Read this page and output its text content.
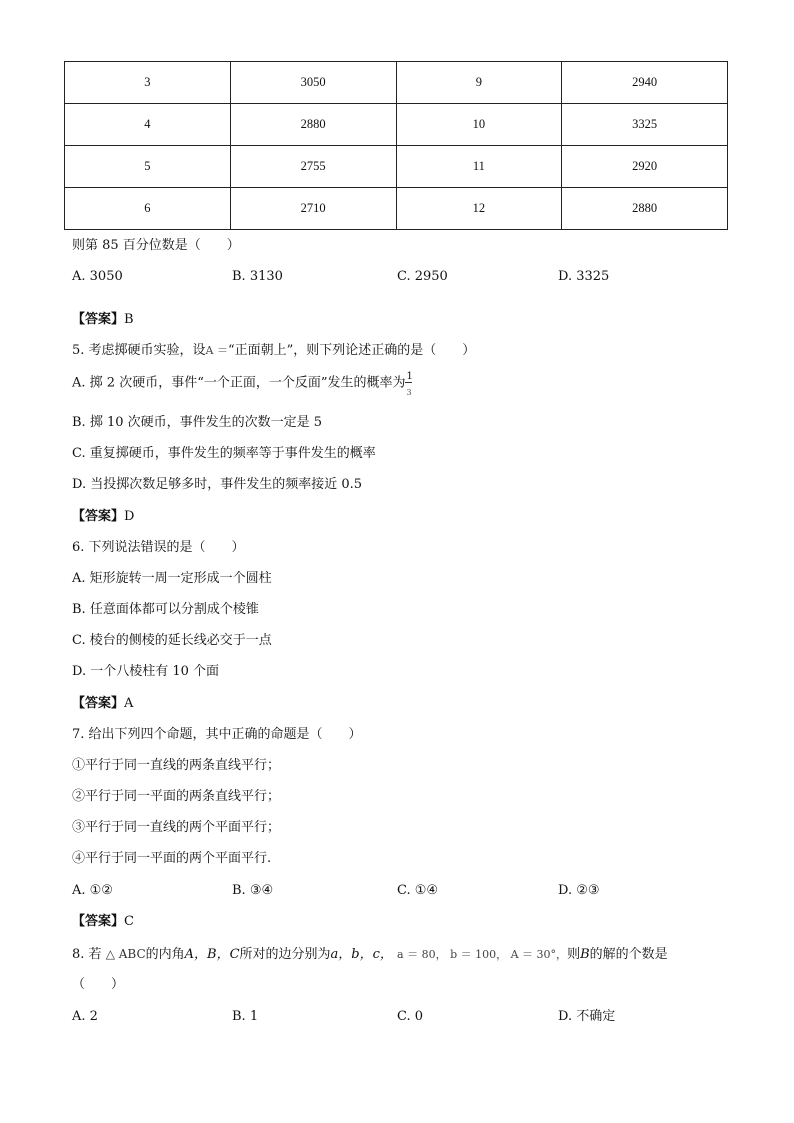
3	3050	9	2940
4	2880	10	3325
5	2755	11	2920
6	2710	12	2880
则第 85 百分位数是（　　）
A. 3050	B. 3130	C. 2950	D. 3325
【答案】B
5. 考虑掷硬币实验，设A ＝“正面朝上”，则下列论述正确的是（　　）
A. 掷 2 次硬币，事件“一个正面，一个反面”发生的概率为 $\frac{1}{3}$
B. 掷 10 次硬币，事件发生的次数一定是 5
C. 重复掷硬币，事件发生的频率等于事件发生的概率
D. 当投掷次数足够多时，事件发生的频率接近 0.5
【答案】D
6. 下列说法错误的是（　　）
A. 矩形旋转一周一定形成一个圆柱
B. 任意面体都可以分割成个棱锥
C. 棱台的侧棱的延长线必交于一点
D. 一个八棱柱有 10 个面
【答案】A
7. 给出下列四个命题，其中正确的命题是（　　）
①平行于同一直线的两条直线平行；
②平行于同一平面的两条直线平行；
③平行于同一直线的两个平面平行；
④平行于同一平面的两个平面平行.
A. ①②	B. ③④	C. ①④	D. ②③
【答案】C
8. 若 △ ABC的内角A，B，C所对的边分别为a，b，c， a ＝ 80， b ＝ 100， A ＝ 30°，则B的解的个数是
（　　）
A. 2	B. 1	C. 0	D. 不确定
